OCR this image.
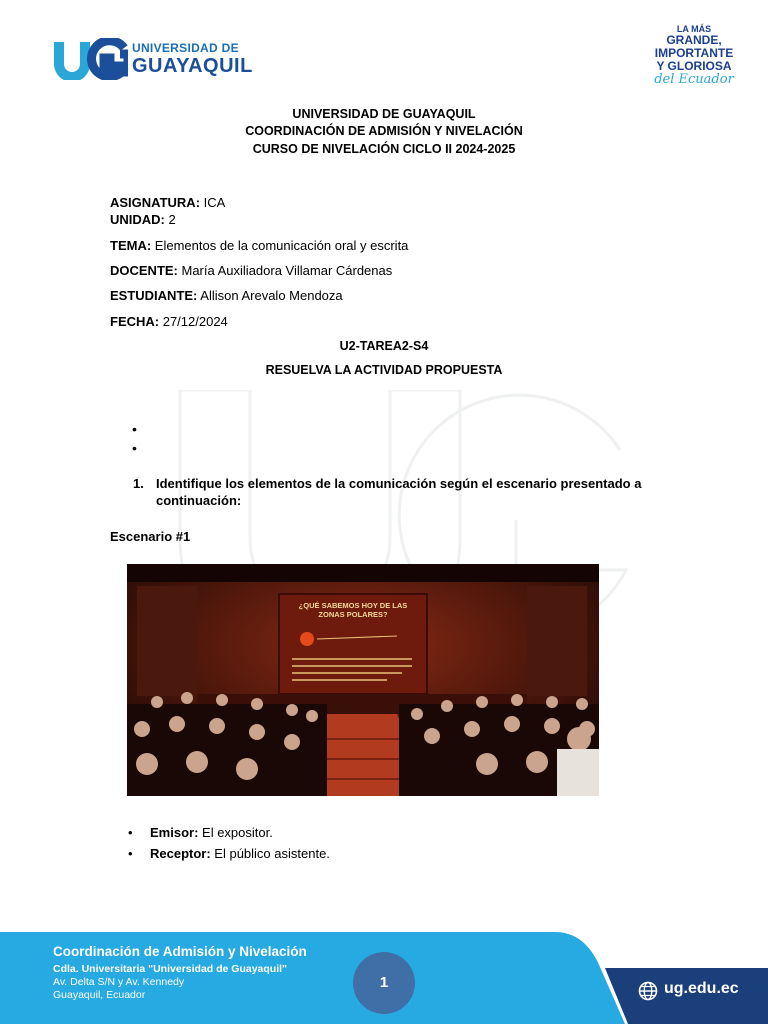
UNIVERSIDAD DE
GUAYAQUIL
LA MÁS
GRANDE,
IMPORTANTE
Y GLORIOSA
del Ecuador
UNIVERSIDAD DE GUAYAQUIL
COORDINACIÓN DE ADMISIÓN Y NIVELACIÓN
CURSO DE NIVELACIÓN CICLO II 2024-2025
ASIGNATURA: ICA
UNIDAD: 2
TEMA: Elementos de la comunicación oral y escrita
DOCENTE: María Auxiliadora Villamar Cárdenas
ESTUDIANTE: Allison Arevalo Mendoza
FECHA: 27/12/2024
U2-TAREA2-S4
RESUELVA LA ACTIVIDAD PROPUESTA
•
•
1. Identifique los elementos de la comunicación según el escenario presentado a continuación:
Escenario #1
¿QUÉ SABEMOS HOY DE LAS
ZONAS POLARES?
• Emisor: El expositor.
• Receptor: El público asistente.
Coordinación de Admisión y Nivelación
Cdla. Universitaria "Universidad de Guayaquil"
Av. Delta S/N y Av. Kennedy
Guayaquil, Ecuador
1	ug.edu.ec
